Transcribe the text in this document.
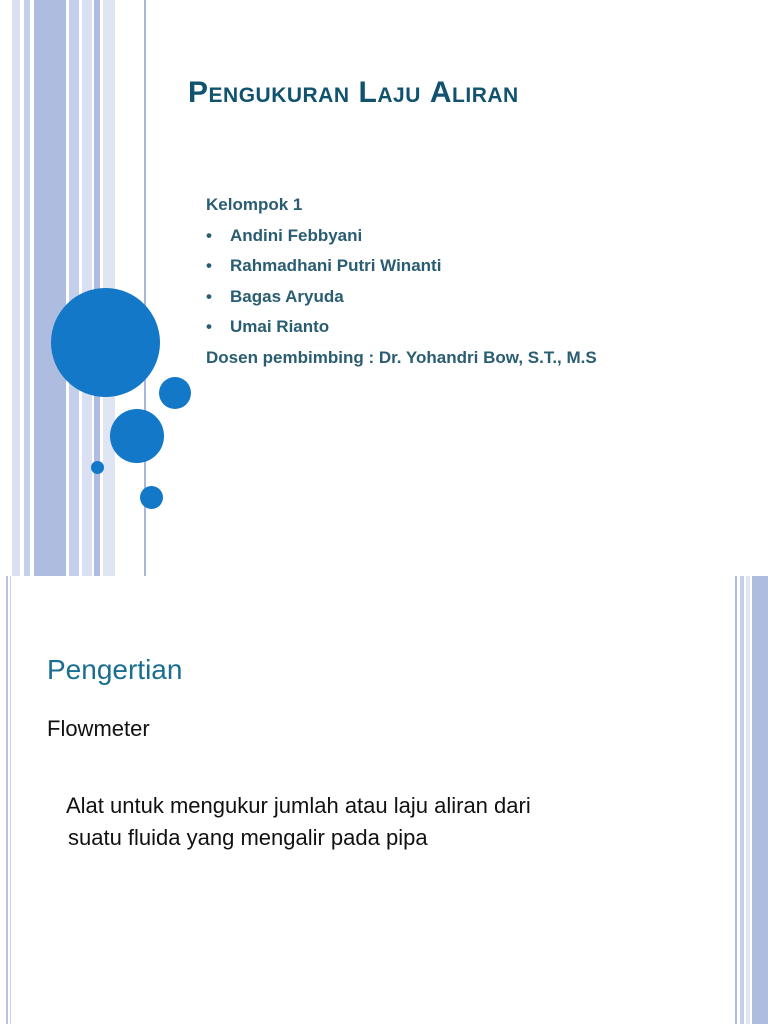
Pengukuran Laju Aliran
Kelompok 1
• Andini Febbyani
• Rahmadhani Putri Winanti
• Bagas Aryuda
• Umai Rianto
Dosen pembimbing : Dr. Yohandri Bow, S.T., M.S
Pengertian
Flowmeter
Alat untuk mengukur jumlah atau laju aliran dari
suatu fluida yang mengalir pada pipa
